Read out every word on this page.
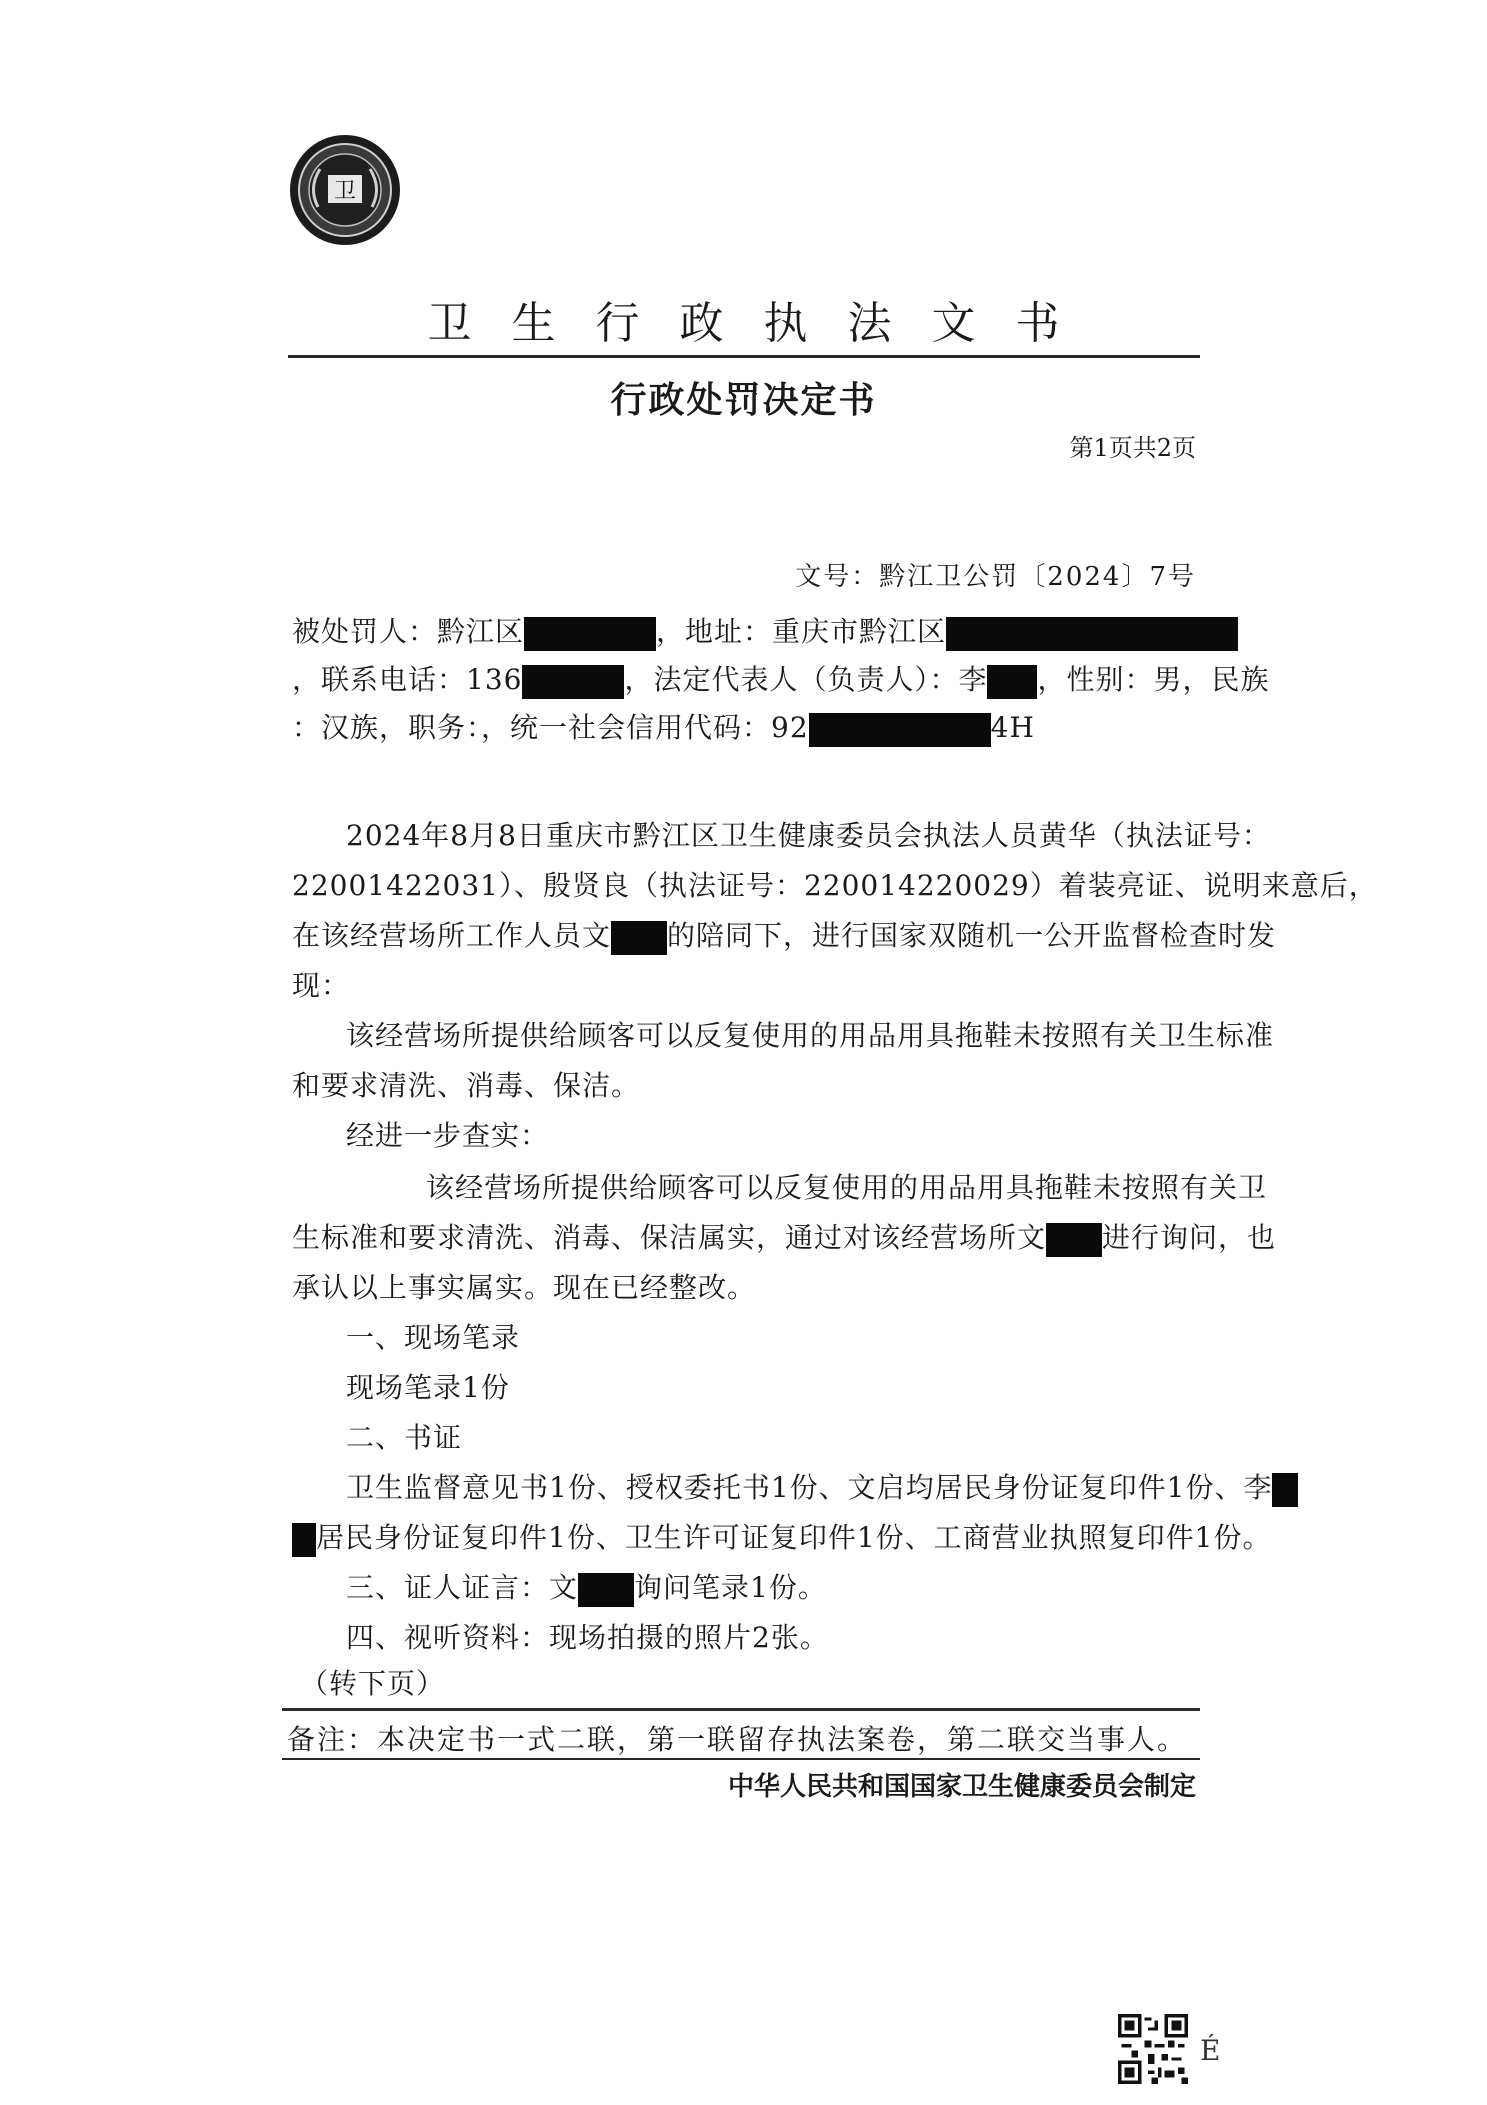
卫
卫生行政执法文书
行政处罚决定书
第1页共2页
文号：黔江卫公罚〔2024〕7号
被处罚人：黔江区	，地址：重庆市黔江区
，联系电话：136	，法定代表人（负责人）：李 ，性别：男，民族
：汉族，职务：，统一社会信用代码：92	4H
2024年8月8日重庆市黔江区卫生健康委员会执法人员黄华（执法证号：
22001422031）、殷贤良（执法证号：220014220029）着装亮证、说明来意后，
在该经营场所工作人员文 的陪同下，进行国家双随机一公开监督检查时发
现：
该经营场所提供给顾客可以反复使用的用品用具拖鞋未按照有关卫生标准
和要求清洗、消毒、保洁。
经进一步查实：
该经营场所提供给顾客可以反复使用的用品用具拖鞋未按照有关卫
生标准和要求清洗、消毒、保洁属实，通过对该经营场所文 进行询问，也
承认以上事实属实。现在已经整改。
一、现场笔录
现场笔录1份
二、书证
卫生监督意见书1份、授权委托书1份、文启均居民身份证复印件1份、李
居民身份证复印件1份、卫生许可证复印件1份、工商营业执照复印件1份。
三、证人证言：文 询问笔录1份。
四、视听资料：现场拍摄的照片2张。
（转下页）
备注：本决定书一式二联，第一联留存执法案卷，第二联交当事人。
中华人民共和国国家卫生健康委员会制定
É
